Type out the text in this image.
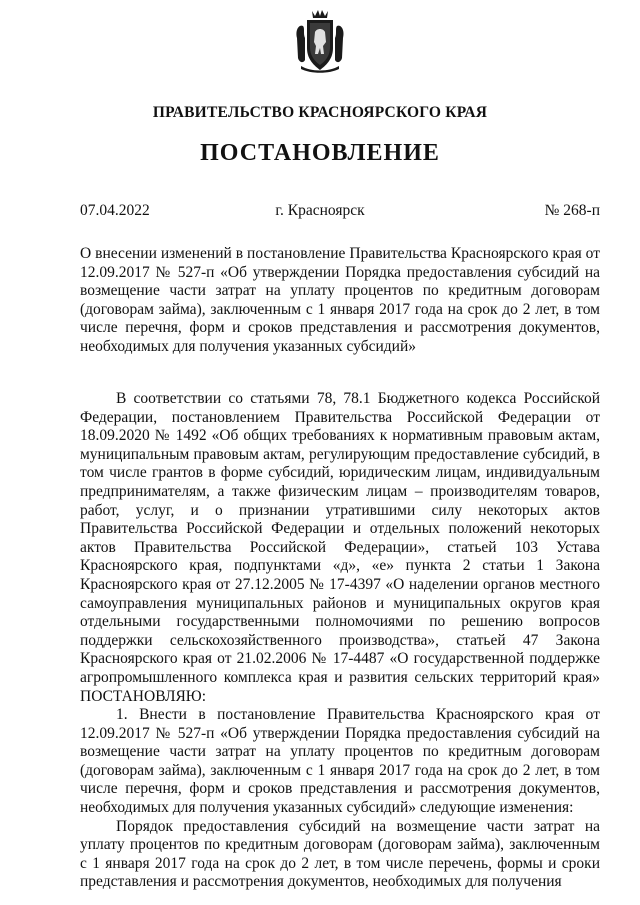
ПРАВИТЕЛЬСТВО КРАСНОЯРСКОГО КРАЯ
ПОСТАНОВЛЕНИЕ
07.04.2022	г. Красноярск	№ 268-п

О внесении изменений в постановление Правительства Красноярского края от 12.09.2017 № 527-п «Об утверждении Порядка предоставления субсидий на возмещение части затрат на уплату процентов по кредитным договорам (договорам займа), заключенным с 1 января 2017 года на срок до 2 лет, в том числе перечня, форм и сроков представления и рассмотрения документов, необходимых для получения указанных субсидий»

В соответствии со статьями 78, 78.1 Бюджетного кодекса Российской Федерации, постановлением Правительства Российской Федерации от 18.09.2020 № 1492 «Об общих требованиях к нормативным правовым актам, муниципальным правовым актам, регулирующим предоставление субсидий, в том числе грантов в форме субсидий, юридическим лицам, индивидуальным предпринимателям, а также физическим лицам – производителям товаров, работ, услуг, и о признании утратившими силу некоторых актов Правительства Российской Федерации и отдельных положений некоторых актов Правительства Российской Федерации», статьей 103 Устава Красноярского края, подпунктами «д», «е» пункта 2 статьи 1 Закона Красноярского края от 27.12.2005 № 17-4397 «О наделении органов местного самоуправления муниципальных районов и муниципальных округов края отдельными государственными полномочиями по решению вопросов поддержки сельскохозяйственного производства», статьей 47 Закона Красноярского края от 21.02.2006 № 17-4487 «О государственной поддержке агропромышленного комплекса края и развития сельских территорий края» ПОСТАНОВЛЯЮ:

1. Внести в постановление Правительства Красноярского края от 12.09.2017 № 527-п «Об утверждении Порядка предоставления субсидий на возмещение части затрат на уплату процентов по кредитным договорам (договорам займа), заключенным с 1 января 2017 года на срок до 2 лет, в том числе перечня, форм и сроков представления и рассмотрения документов, необходимых для получения указанных субсидий» следующие изменения:

Порядок предоставления субсидий на возмещение части затрат на уплату процентов по кредитным договорам (договорам займа), заключенным с 1 января 2017 года на срок до 2 лет, в том числе перечень, формы и сроки представления и рассмотрения документов, необходимых для получения
